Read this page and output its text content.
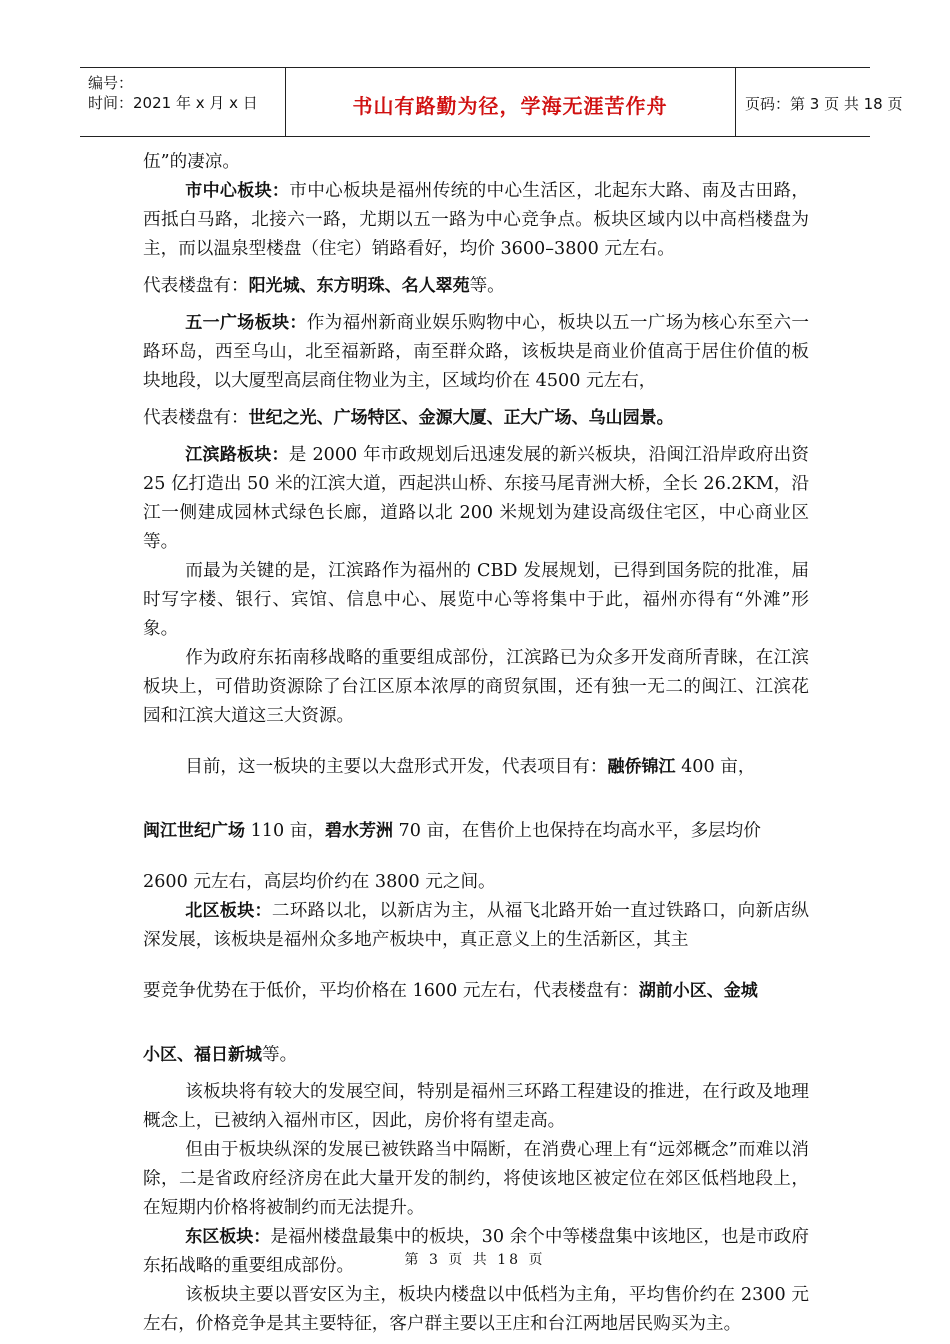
编号：
时间：2021 年 x 月 x 日	书山有路勤为径，学海无涯苦作舟	页码：第 3 页 共 18 页

伍”的凄凉。

市中心板块：市中心板块是福州传统的中心生活区，北起东大路、南及古田路，西抵白马路，北接六一路，尤期以五一路为中心竞争点。板块区域内以中高档楼盘为主，而以温泉型楼盘（住宅）销路看好，均价 3600–3800 元左右。

代表楼盘有：阳光城、东方明珠、名人翠苑等。

五一广场板块：作为福州新商业娱乐购物中心，板块以五一广场为核心东至六一路环岛，西至乌山，北至福新路，南至群众路，该板块是商业价值高于居住价值的板块地段，以大厦型高层商住物业为主，区域均价在 4500 元左右，

代表楼盘有：世纪之光、广场特区、金源大厦、正大广场、乌山园景。

江滨路板块：是 2000 年市政规划后迅速发展的新兴板块，沿闽江沿岸政府出资 25 亿打造出 50 米的江滨大道，西起洪山桥、东接马尾青洲大桥，全长 26.2KM，沿江一侧建成园林式绿色长廊，道路以北 200 米规划为建设高级住宅区，中心商业区等。

而最为关键的是，江滨路作为福州的 CBD 发展规划，已得到国务院的批准，届时写字楼、银行、宾馆、信息中心、展览中心等将集中于此，福州亦得有“外滩”形象。

作为政府东拓南移战略的重要组成部份，江滨路已为众多开发商所青睐，在江滨板块上，可借助资源除了台江区原本浓厚的商贸氛围，还有独一无二的闽江、江滨花园和江滨大道这三大资源。

目前，这一板块的主要以大盘形式开发，代表项目有：融侨锦江 400 亩，

闽江世纪广场 110 亩，碧水芳洲 70 亩，在售价上也保持在均高水平，多层均价

2600 元左右，高层均价约在 3800 元之间。

北区板块：二环路以北，以新店为主，从福飞北路开始一直过铁路口，向新店纵深发展，该板块是福州众多地产板块中，真正意义上的生活新区，其主

要竞争优势在于低价，平均价格在 1600 元左右，代表楼盘有：湖前小区、金城

小区、福日新城等。

该板块将有较大的发展空间，特别是福州三环路工程建设的推进，在行政及地理概念上，已被纳入福州市区，因此，房价将有望走高。

但由于板块纵深的发展已被铁路当中隔断，在消费心理上有“远郊概念”而难以消除，二是省政府经济房在此大量开发的制约，将使该地区被定位在郊区低档地段上，在短期内价格将被制约而无法提升。

东区板块：是福州楼盘最集中的板块，30 余个中等楼盘集中该地区，也是市政府东拓战略的重要组成部份。

该板块主要以晋安区为主，板块内楼盘以中低档为主角，平均售价约在 2300 元左右，价格竞争是其主要特征，客户群主要以王庄和台江两地居民购买为主。

第 3 页 共 18 页
